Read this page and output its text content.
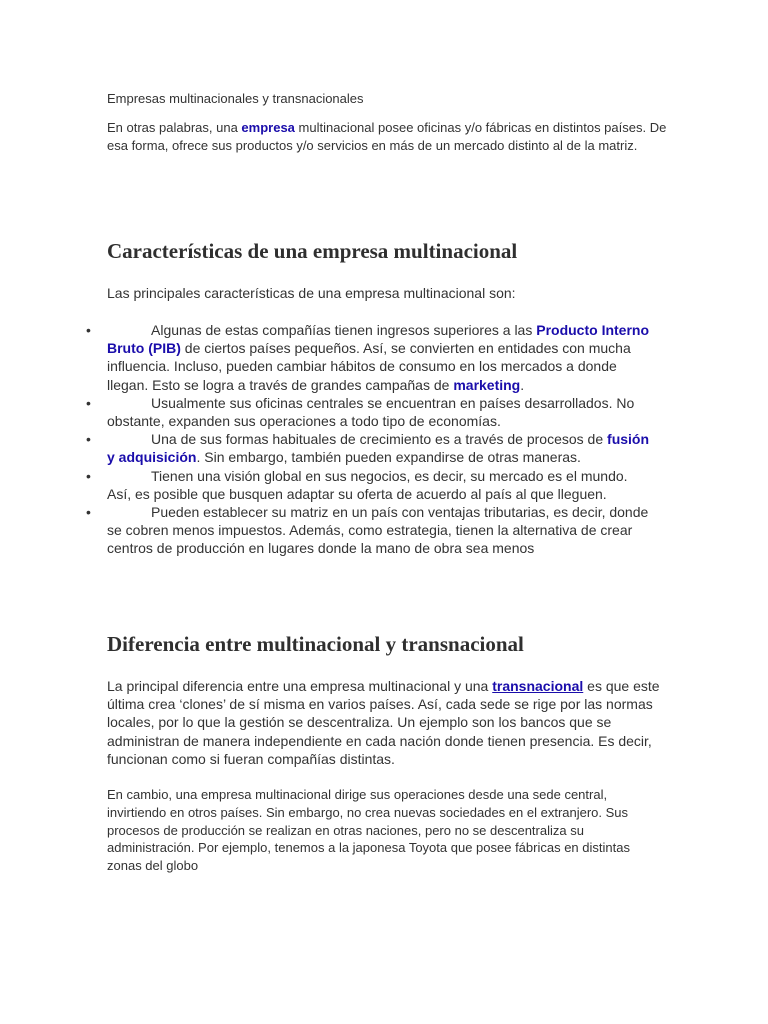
Empresas multinacionales y transnacionales

En otras palabras, una empresa multinacional posee oficinas y/o fábricas en distintos países. De esa forma, ofrece sus productos y/o servicios en más de un mercado distinto al de la matriz.

Características de una empresa multinacional
Las principales características de una empresa multinacional son:
•	Algunas de estas compañías tienen ingresos superiores a las Producto Interno Bruto (PIB) de ciertos países pequeños. Así, se convierten en entidades con mucha influencia. Incluso, pueden cambiar hábitos de consumo en los mercados a donde llegan. Esto se logra a través de grandes campañas de marketing.
•	Usualmente sus oficinas centrales se encuentran en países desarrollados. No obstante, expanden sus operaciones a todo tipo de economías.
•	Una de sus formas habituales de crecimiento es a través de procesos de fusión y adquisición. Sin embargo, también pueden expandirse de otras maneras.
•	Tienen una visión global en sus negocios, es decir, su mercado es el mundo. Así, es posible que busquen adaptar su oferta de acuerdo al país al que lleguen.
•	Pueden establecer su matriz en un país con ventajas tributarias, es decir, donde se cobren menos impuestos. Además, como estrategia, tienen la alternativa de crear centros de producción en lugares donde la mano de obra sea menos
Diferencia entre multinacional y transnacional

La principal diferencia entre una empresa multinacional y una transnacional es que este última crea ‘clones’ de sí misma en varios países. Así, cada sede se rige por las normas locales, por lo que la gestión se descentraliza. Un ejemplo son los bancos que se administran de manera independiente en cada nación donde tienen presencia. Es decir, funcionan como si fueran compañías distintas.

En cambio, una empresa multinacional dirige sus operaciones desde una sede central, invirtiendo en otros países. Sin embargo, no crea nuevas sociedades en el extranjero. Sus procesos de producción se realizan en otras naciones, pero no se descentraliza su administración. Por ejemplo, tenemos a la japonesa Toyota que posee fábricas en distintas zonas del globo
